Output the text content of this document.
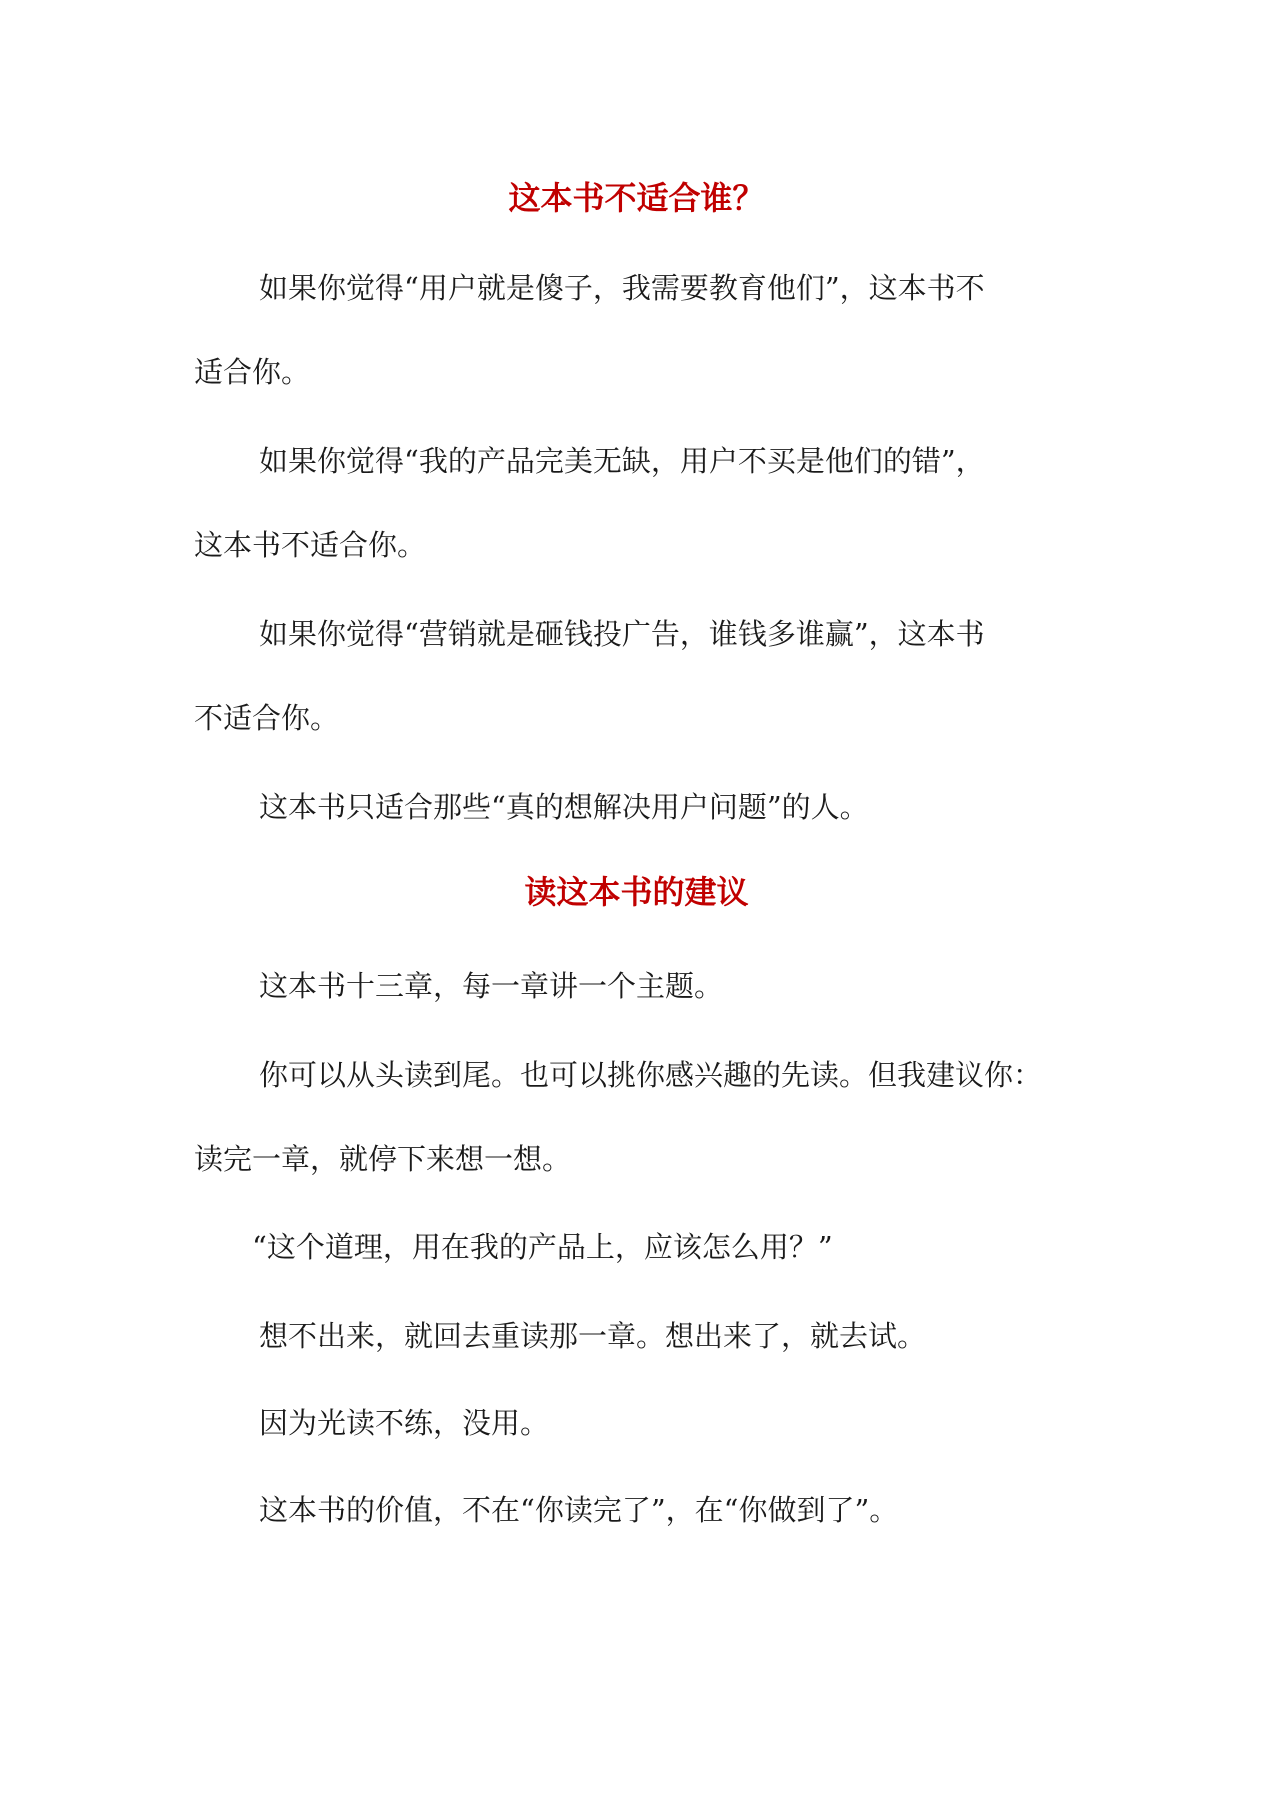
这本书不适合谁？

如果你觉得“用户就是傻子，我需要教育他们”，这本书不

适合你。

如果你觉得“我的产品完美无缺，用户不买是他们的错”，

这本书不适合你。

如果你觉得“营销就是砸钱投广告，谁钱多谁赢”，这本书

不适合你。

这本书只适合那些“真的想解决用户问题”的人。

读这本书的建议

这本书十三章，每一章讲一个主题。

你可以从头读到尾。也可以挑你感兴趣的先读。但我建议你：

读完一章，就停下来想一想。

“这个道理，用在我的产品上，应该怎么用？”

想不出来，就回去重读那一章。想出来了，就去试。

因为光读不练，没用。

这本书的价值，不在“你读完了”，在“你做到了”。
